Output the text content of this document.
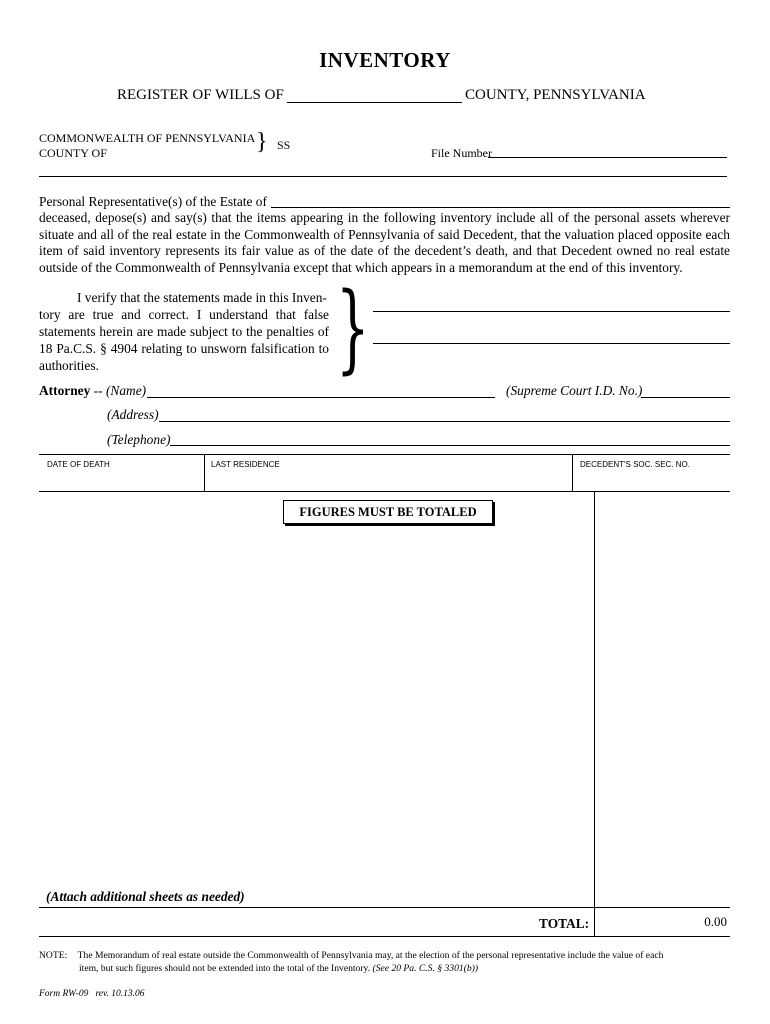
INVENTORY
REGISTER OF WILLS OF	COUNTY, PENNSYLVANIA
COMMONWEALTH OF PENNSYLVANIA
COUNTY OF	} SS
File Number
Personal Representative(s) of the Estate of
deceased, depose(s) and say(s) that the items appearing in the following inventory include all of the personal assets wherever situate and all of the real estate in the Commonwealth of Pennsylvania of said Decedent, that the valuation placed opposite each item of said inventory represents its fair value as of the date of the decedent’s death, and that Decedent owned no real estate outside of the Commonwealth of Pennsylvania except that which appears in a memorandum at the end of this inventory.
I verify that the statements made in this Inven-
tory are true and correct. I understand that false statements herein are made subject to the penalties of 18 Pa.C.S. § 4904 relating to unsworn falsification to authorities.	}
Attorney -- (Name)	(Supreme Court I.D. No.)
(Address)
(Telephone)
DATE OF DEATH	LAST RESIDENCE	DECEDENT'S SOC. SEC. NO.
FIGURES MUST BE TOTALED
(Attach additional sheets as needed)
TOTAL:	0.00
NOTE: The Memorandum of real estate outside the Commonwealth of Pennsylvania may, at the election of the personal representative include the value of each
item, but such figures should not be extended into the total of the Inventory. (See 20 Pa. C.S. § 3301(b))
Form RW-09   rev. 10.13.06
